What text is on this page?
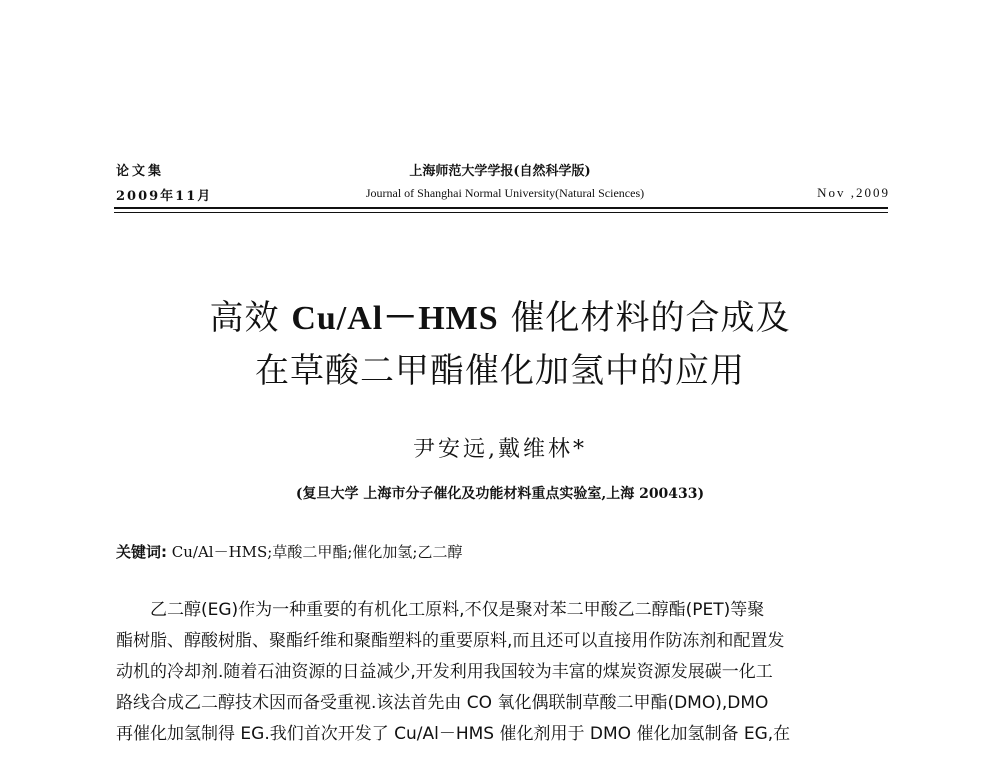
论文集	上海师范大学学报(自然科学版)
2009年11月	Journal of Shanghai Normal University(Natural Sciences)	Nov ,2009
高效 Cu/Al－HMS 催化材料的合成及
在草酸二甲酯催化加氢中的应用
尹安远,戴维林*
(复旦大学 上海市分子催化及功能材料重点实验室,上海 200433)
关键词: Cu/Al－HMS;草酸二甲酯;催化加氢;乙二醇
乙二醇(EG)作为一种重要的有机化工原料,不仅是聚对苯二甲酸乙二醇酯(PET)等聚
酯树脂、醇酸树脂、聚酯纤维和聚酯塑料的重要原料,而且还可以直接用作防冻剂和配置发
动机的冷却剂.随着石油资源的日益减少,开发利用我国较为丰富的煤炭资源发展碳一化工
路线合成乙二醇技术因而备受重视.该法首先由 CO 氧化偶联制草酸二甲酯(DMO),DMO
再催化加氢制得 EG.我们首次开发了 Cu/Al－HMS 催化剂用于 DMO 催化加氢制备 EG,在
